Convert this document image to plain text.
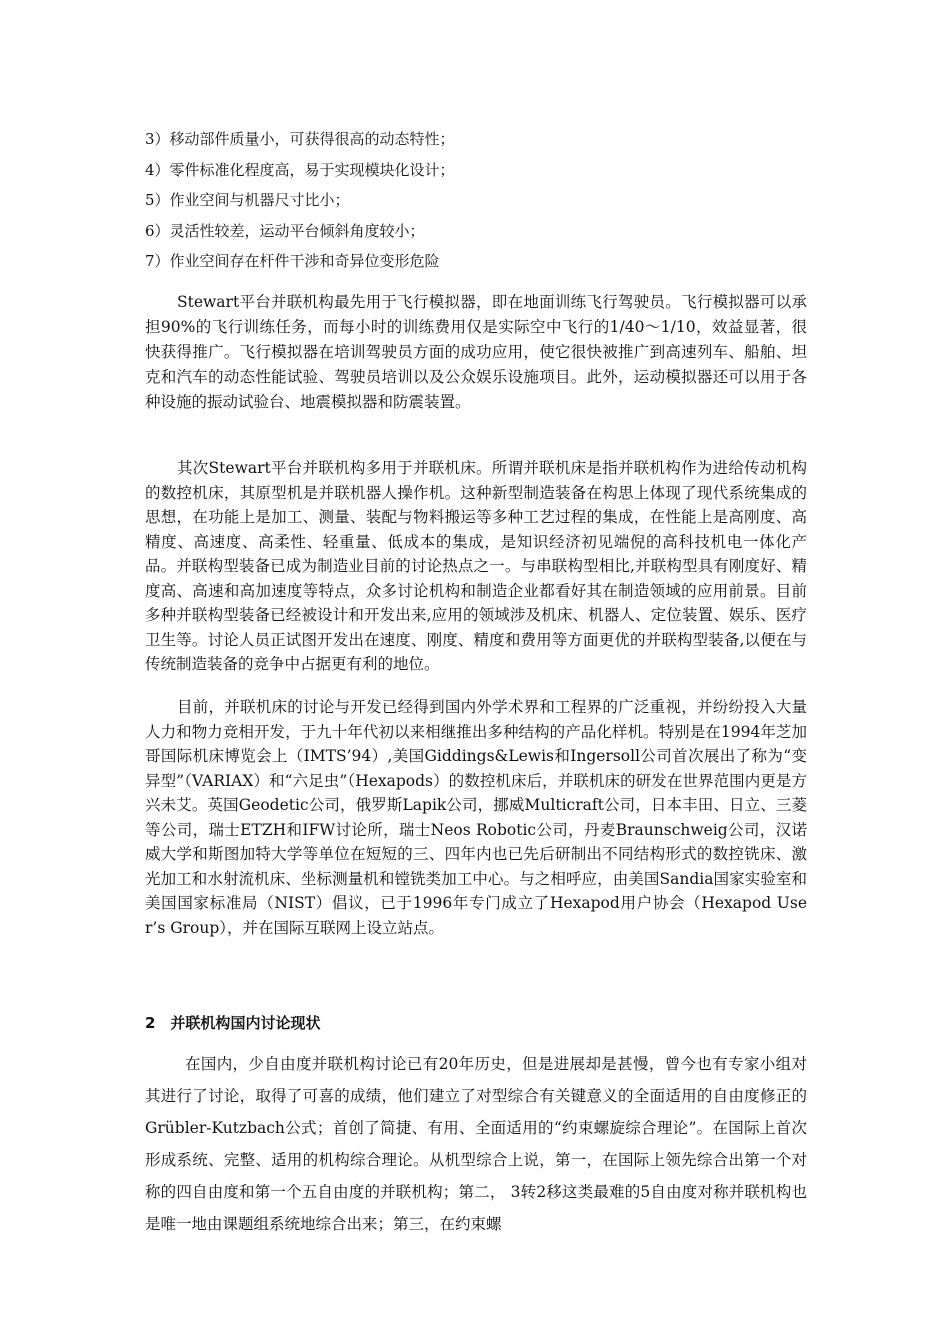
3）移动部件质量小，可获得很高的动态特性；
4）零件标准化程度高，易于实现模块化设计；
5）作业空间与机器尺寸比小；
6）灵活性较差，运动平台倾斜角度较小；
7）作业空间存在杆件干涉和奇异位变形危险

Stewart平台并联机构最先用于飞行模拟器，即在地面训练飞行驾驶员。飞行模拟器可以承担90%的飞行训练任务，而每小时的训练费用仅是实际空中飞行的1/40～1/10，效益显著，很快获得推广。飞行模拟器在培训驾驶员方面的成功应用，使它很快被推广到高速列车、船舶、坦克和汽车的动态性能试验、驾驶员培训以及公众娱乐设施项目。此外，运动模拟器还可以用于各种设施的振动试验台、地震模拟器和防震装置。

其次Stewart平台并联机构多用于并联机床。所谓并联机床是指并联机构作为进给传动机构的数控机床，其原型机是并联机器人操作机。这种新型制造装备在构思上体现了现代系统集成的思想，在功能上是加工、测量、装配与物料搬运等多种工艺过程的集成，在性能上是高刚度、高精度、高速度、高柔性、轻重量、低成本的集成，是知识经济初见端倪的高科技机电一体化产品。并联构型装备已成为制造业目前的讨论热点之一。与串联构型相比,并联构型具有刚度好、精度高、高速和高加速度等特点，众多讨论机构和制造企业都看好其在制造领域的应用前景。目前多种并联构型装备已经被设计和开发出来,应用的领域涉及机床、机器人、定位装置、娱乐、医疗卫生等。讨论人员正试图开发出在速度、刚度、精度和费用等方面更优的并联构型装备,以便在与传统制造装备的竞争中占据更有利的地位。

目前，并联机床的讨论与开发已经得到国内外学术界和工程界的广泛重视，并纷纷投入大量人力和物力竞相开发，于九十年代初以来相继推出多种结构的产品化样机。特别是在1994年芝加哥国际机床博览会上（IMTS’94）,美国Giddings&Lewis和Ingersoll公司首次展出了称为“变异型”（VARIAX）和“六足虫”（Hexapods）的数控机床后，并联机床的研发在世界范围内更是方兴未艾。英国Geodetic公司，俄罗斯Lapik公司，挪威Multicraft公司，日本丰田、日立、三菱等公司，瑞士ETZH和IFW讨论所，瑞士Neos Robotic公司，丹麦Braunschweig公司，汉诺威大学和斯图加特大学等单位在短短的三、四年内也已先后研制出不同结构形式的数控铣床、激光加工和水射流机床、坐标测量机和镗铣类加工中心。与之相呼应，由美国Sandia国家实验室和美国国家标准局（NIST）倡议，已于1996年专门成立了Hexapod用户协会（Hexapod User’s Group），并在国际互联网上设立站点。

在国内，少自由度并联机构讨论已有20年历史，但是进展却是甚慢，曾今也有专家小组对其进行了讨论，取得了可喜的成绩，他们建立了对型综合有关键意义的全面适用的自由度修正的Grübler-Kutzbach公式；首创了简捷、有用、全面适用的“约束螺旋综合理论”。在国际上首次形成系统、完整、适用的机构综合理论。从机型综合上说，第一，在国际上领先综合出第一个对称的四自由度和第一个五自由度的并联机构；第二， 3转2移这类最难的5自由度对称并联机构也是唯一地由课题组系统地综合出来；第三，在约束螺

2　并联机构国内讨论现状
